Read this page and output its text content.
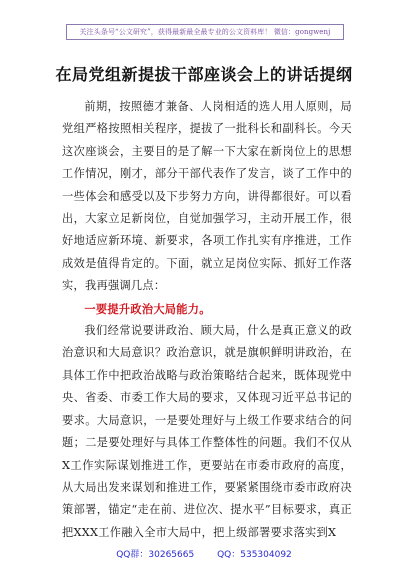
关注头条号“公文研究”，获得最新最全最专业的公文资料库！ 微信：gongwenj
在局党组新提拔干部座谈会上的讲话提纲

前期，按照德才兼备、人岗相适的选人用人原则，局党组严格按照相关程序，提拔了一批科长和副科长。今天这次座谈会，主要目的是了解一下大家在新岗位上的思想工作情况，刚才，部分干部代表作了发言，谈了工作中的一些体会和感受以及下步努力方向，讲得都很好。可以看出，大家立足新岗位，自觉加强学习，主动开展工作，很好地适应新环境、新要求，各项工作扎实有序推进，工作成效是值得肯定的。下面，就立足岗位实际、抓好工作落实，我再强调几点：

一要提升政治大局能力。

我们经常说要讲政治、顾大局，什么是真正意义的政治意识和大局意识？政治意识，就是旗帜鲜明讲政治，在具体工作中把政治战略与政治策略结合起来，既体现党中央、省委、市委工作大局的要求，又体现习近平总书记的要求。大局意识，一是要处理好与上级工作要求结合的问题；二是要处理好与具体工作整体性的问题。我们不仅从X工作实际谋划推进工作，更要站在市委市政府的高度，从大局出发来谋划和推进工作，要紧紧围绕市委市政府决策部署，锚定“走在前、进位次、提水平”目标要求，真正把XXX工作融入全市大局中，把上级部署要求落实到X

QQ群：30265665	QQ：535304092
